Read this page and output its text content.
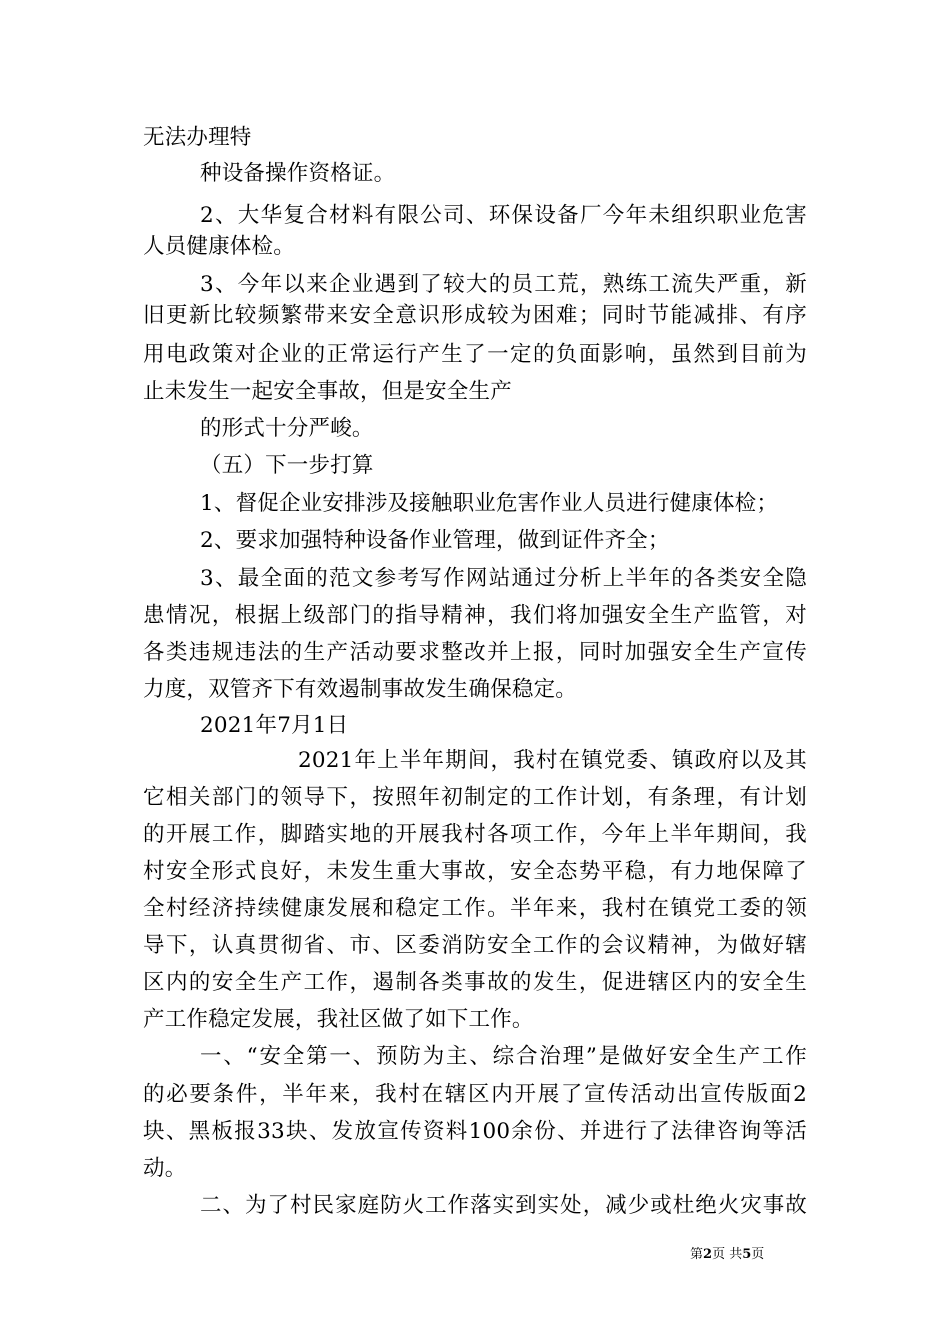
无法办理特
种设备操作资格证。
2、大华复合材料有限公司、环保设备厂今年未组织职业危害
人员健康体检。
3、今年以来企业遇到了较大的员工荒，熟练工流失严重，新
旧更新比较频繁带来安全意识形成较为困难；同时节能减排、有序
用电政策对企业的正常运行产生了一定的负面影响，虽然到目前为
止未发生一起安全事故，但是安全生产
的形式十分严峻。
（五）下一步打算
1、督促企业安排涉及接触职业危害作业人员进行健康体检；
2、要求加强特种设备作业管理，做到证件齐全；
3、最全面的范文参考写作网站通过分析上半年的各类安全隐
患情况，根据上级部门的指导精神，我们将加强安全生产监管，对
各类违规违法的生产活动要求整改并上报，同时加强安全生产宣传
力度，双管齐下有效遏制事故发生确保稳定。
2021年7月1日
2021年上半年期间，我村在镇党委、镇政府以及其
它相关部门的领导下，按照年初制定的工作计划，有条理，有计划
的开展工作，脚踏实地的开展我村各项工作，今年上半年期间，我
村安全形式良好，未发生重大事故，安全态势平稳，有力地保障了
全村经济持续健康发展和稳定工作。半年来，我村在镇党工委的领
导下，认真贯彻省、市、区委消防安全工作的会议精神，为做好辖
区内的安全生产工作，遏制各类事故的发生，促进辖区内的安全生
产工作稳定发展，我社区做了如下工作。
一、“安全第一、预防为主、综合治理”是做好安全生产工作
的必要条件，半年来，我村在辖区内开展了宣传活动出宣传版面2
块、黑板报33块、发放宣传资料100余份、并进行了法律咨询等活
动。
二、为了村民家庭防火工作落实到实处，减少或杜绝火灾事故
第2页 共5页
